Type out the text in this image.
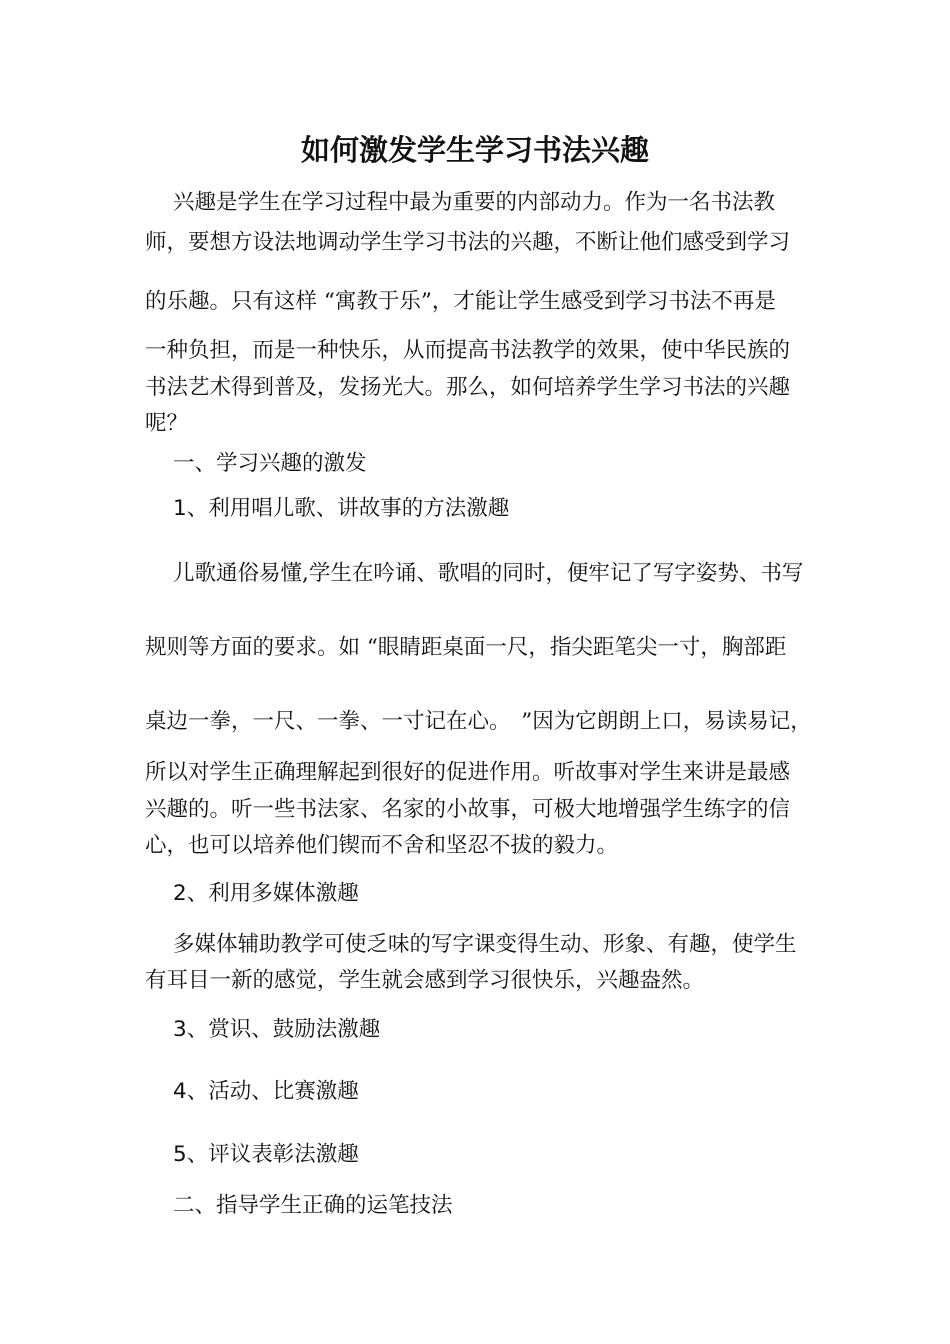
如何激发学生学习书法兴趣

兴趣是学生在学习过程中最为重要的内部动力。作为一名书法教

师，要想方设法地调动学生学习书法的兴趣，不断让他们感受到学习

的乐趣。只有这样 “寓教于乐”，才能让学生感受到学习书法不再是

一种负担，而是一种快乐，从而提高书法教学的效果，使中华民族的

书法艺术得到普及，发扬光大。那么，如何培养学生学习书法的兴趣

呢？

一、学习兴趣的激发

1、利用唱儿歌、讲故事的方法激趣

儿歌通俗易懂,学生在吟诵、歌唱的同时，便牢记了写字姿势、书写

规则等方面的要求。如 “眼睛距桌面一尺，指尖距笔尖一寸，胸部距

桌边一拳，一尺、一拳、一寸记在心。　”因为它朗朗上口，易读易记，

所以对学生正确理解起到很好的促进作用。听故事对学生来讲是最感

兴趣的。听一些书法家、名家的小故事，可极大地增强学生练字的信

心，也可以培养他们锲而不舍和坚忍不拔的毅力。

2、利用多媒体激趣

多媒体辅助教学可使乏味的写字课变得生动、形象、有趣，使学生

有耳目一新的感觉，学生就会感到学习很快乐，兴趣盎然。

3、赏识、鼓励法激趣

4、活动、比赛激趣

5、评议表彰法激趣

二、指导学生正确的运笔技法
